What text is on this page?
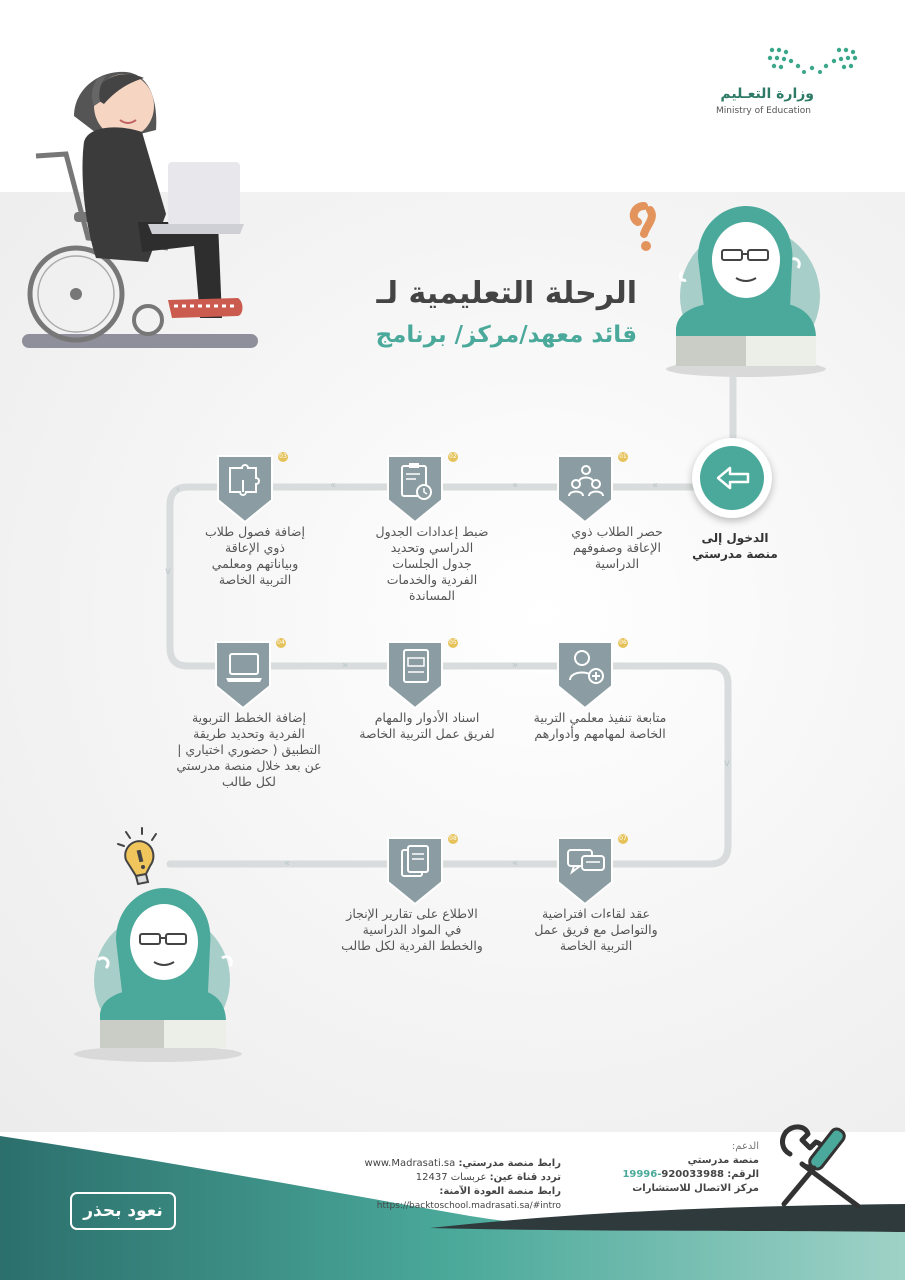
وزارة التعـليم
Ministry of Education
الرحلة التعليمية لـ
قائد معهد/مركز/ برنامج
«
«
«
‹
v
»	»
v
«
«
الدخول إلى
منصة مدرستي
01
حصر الطلاب ذوي
الإعاقة وصفوفهم
الدراسية
02
ضبط إعدادات الجدول
الدراسي وتحديد
جدول الجلسات
الفردية والخدمات
المساندة
03
إضافة فصول طلاب
ذوي الإعاقة
وبياناتهم ومعلمي
التربية الخاصة
04
إضافة الخطط التربوية
الفردية وتحديد طريقة
التطبيق ( حضوري اختياري |
عن بعد خلال منصة مدرستي
لكل طالب
05
اسناد الأدوار والمهام
لفريق عمل التربية الخاصة
06
متابعة تنفيذ معلمي التربية
الخاصة لمهامهم وأدوارهم
07
عقد لقاءات افتراضية
والتواصل مع فريق عمل
التربية الخاصة
08
الاطلاع على تقارير الإنجاز
في المواد الدراسية
والخطط الفردية لكل طالب
نعود بحذر
رابط منصة مدرستي: www.Madrasati.sa
تردد قناة عين: عربسات 12437
رابط منصة العودة الآمنة: https://backtoschool.madrasati.sa/#intro
الدعم:
منصة مدرستي
الرقم: 920033988-19996
مركز الاتصال للاستشارات
